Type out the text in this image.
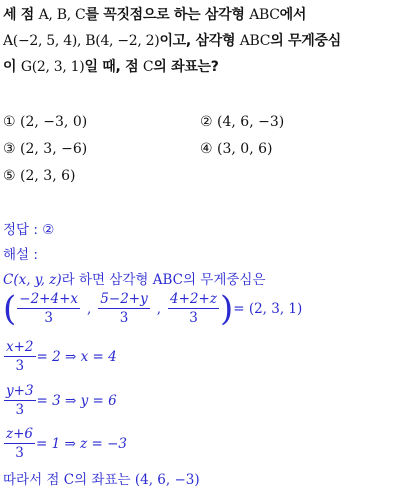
세 점 A, B, C를 꼭짓점으로 하는 삼각형 ABC에서
A(−2, 5, 4), B(4, −2, 2)이고, 삼각형 ABC의 무게중심
이 G(2, 3, 1)일 때, 점 C의 좌표는?
① (2, −3, 0)	② (4, 6, −3)
③ (2, 3, −6)	④ (3, 0, 6)
⑤ (2, 3, 6)
정답 : ②
해설 :
C(x, y, z)라 하면 삼각형 ABC의 무게중심은
( $\frac{-2+4+x}{3}$ , $\frac{5-2+y}{3}$ , $\frac{4+2+z}{3}$ ) = (2, 3, 1)
$\frac{x+2}{3} = 2$ ⇒ x = 4
$\frac{y+3}{3} = 3$ ⇒ y = 6
$\frac{z+6}{3} = 1$ ⇒ z = −3
따라서 점 C의 좌표는 (4, 6, −3)
